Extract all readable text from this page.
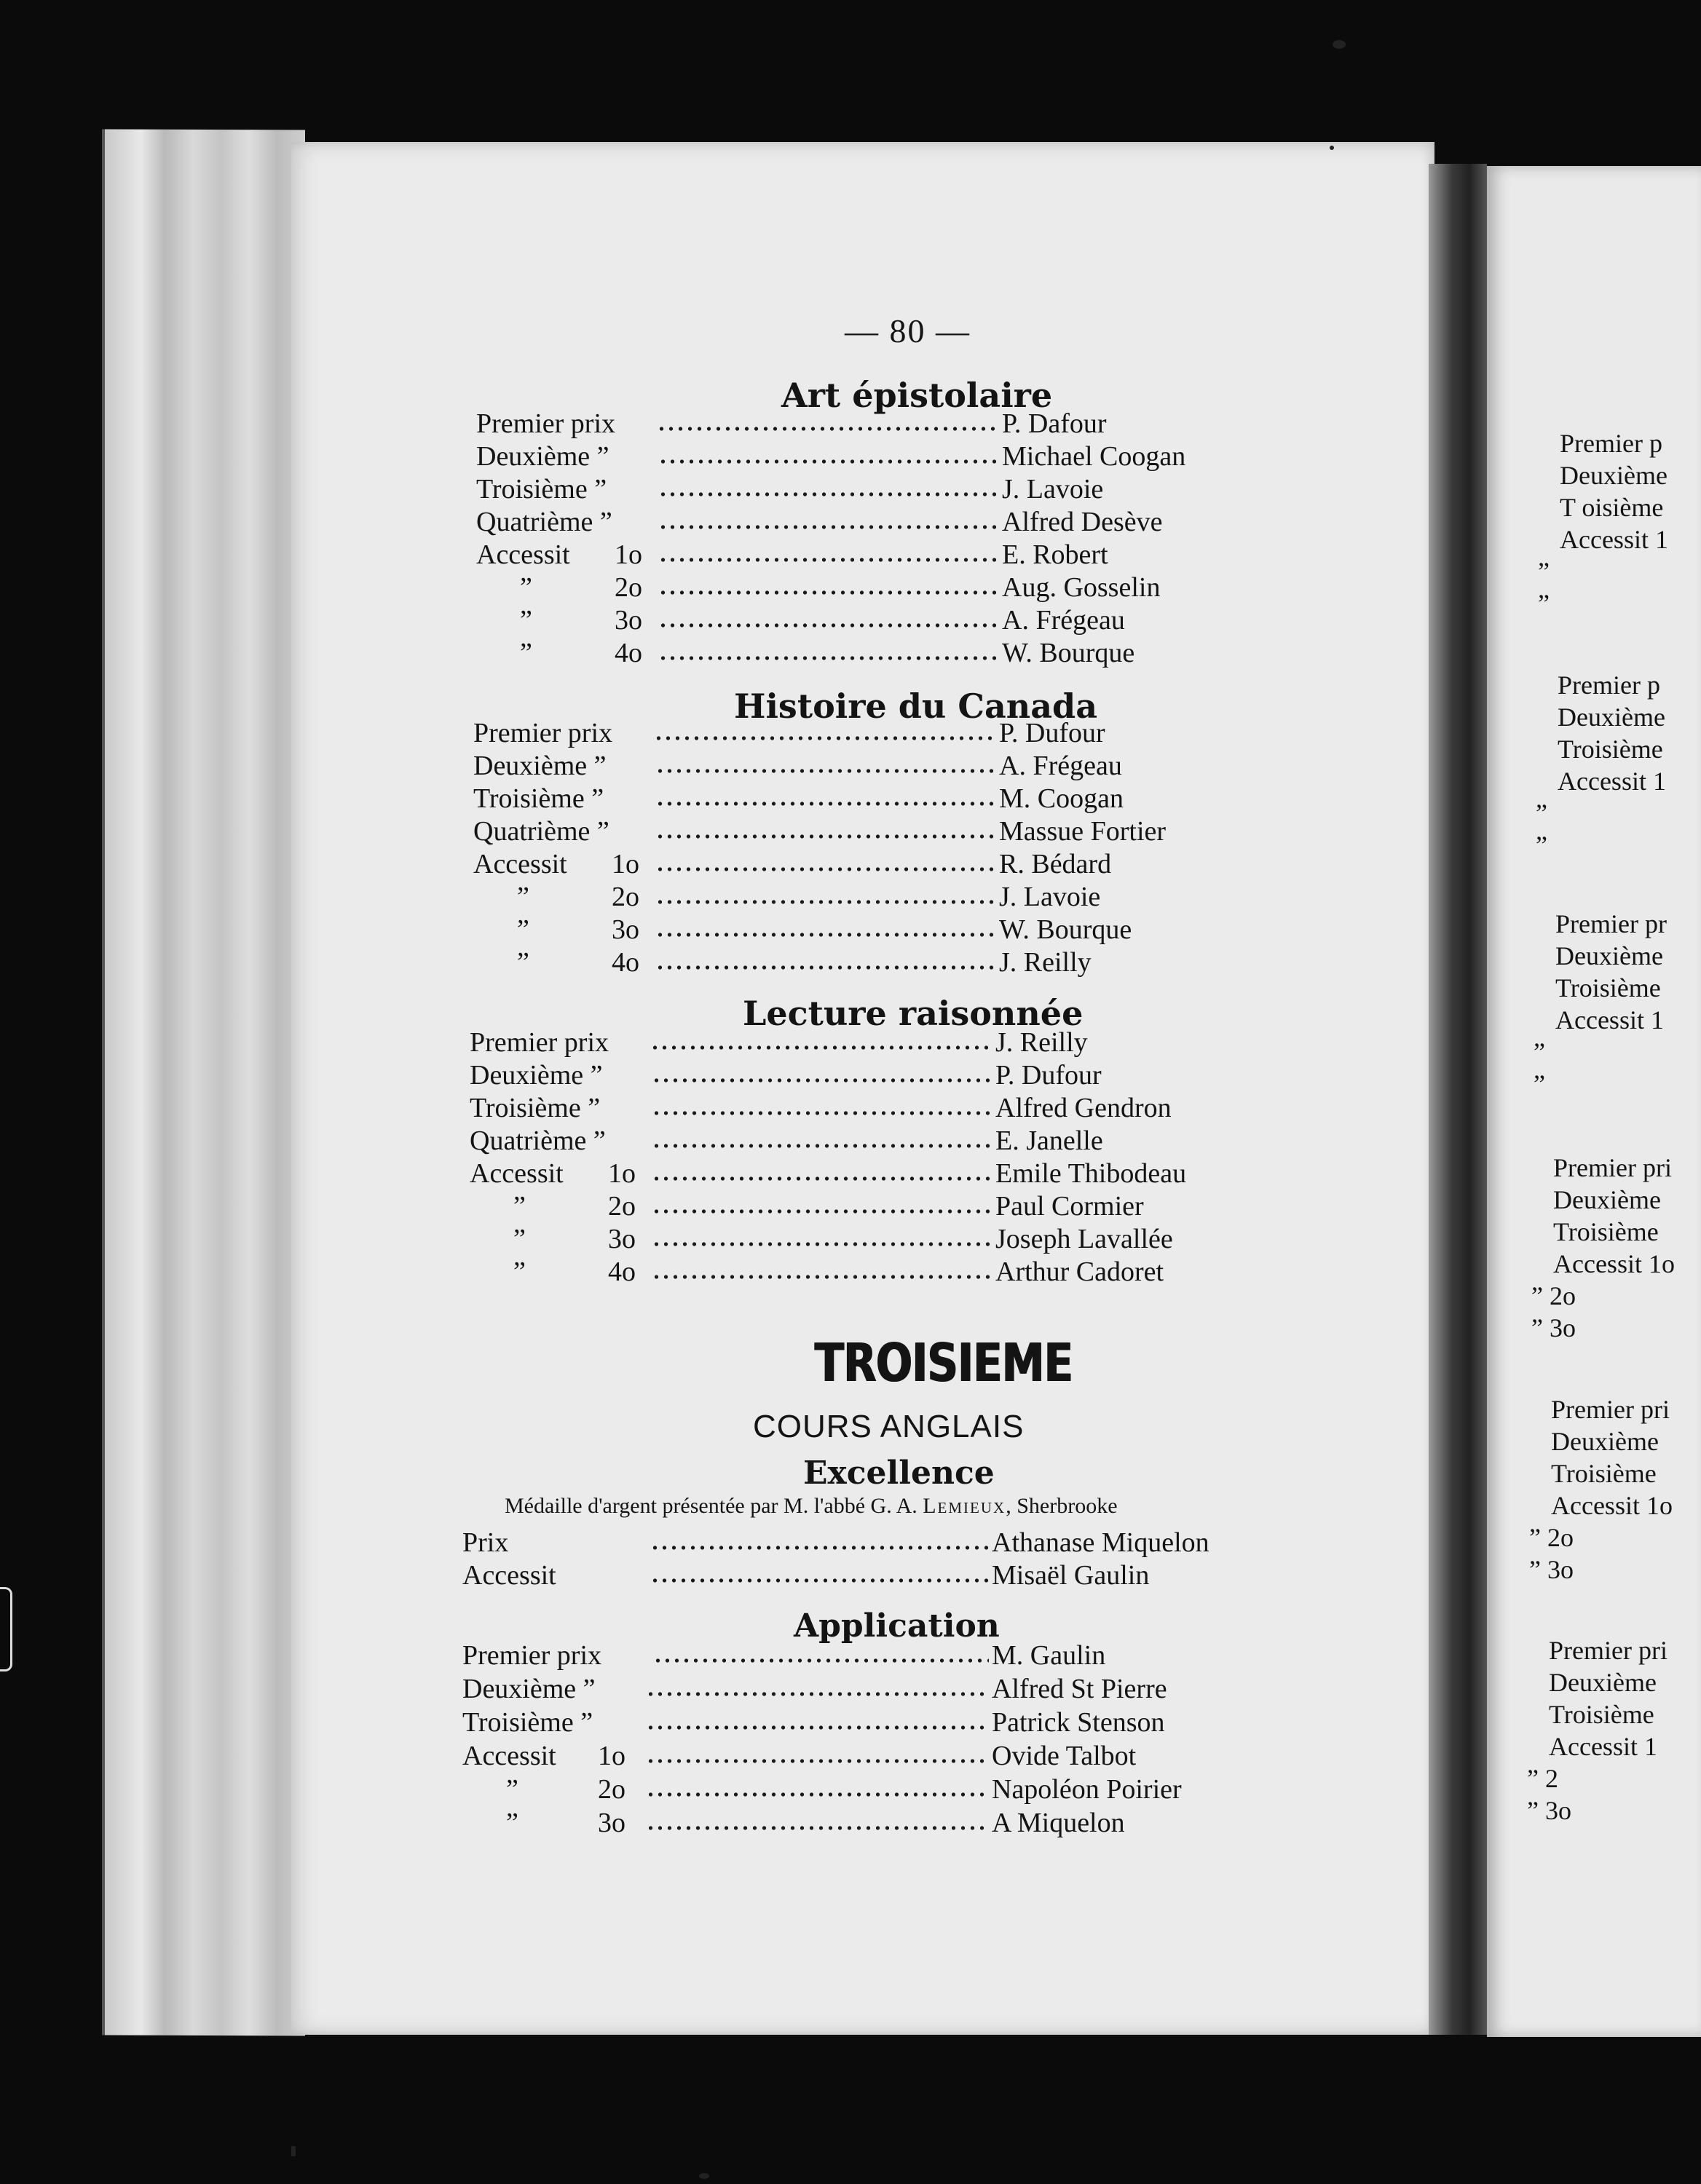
Premier p
Deuxième
T oisième
Accessit 1
”
”
Premier p
Deuxième
Troisième
Accessit 1
”
”
Premier pr
Deuxième
Troisième
Accessit 1
”
”
Premier pri
Deuxième
Troisième
Accessit 1o
” 2o
” 3o
Premier pri
Deuxième
Troisième
Accessit 1o
” 2o
” 3o
Premier pri
Deuxième
Troisième
Accessit 1
” 2
” 3o
— 80 —
Art épistolaire
Histoire du Canada
Lecture raisonnée
Premier prix	P. Dafour
Deuxième ”	Michael Coogan
Troisième ”	J. Lavoie
Quatrième ”	Alfred Desève
Accessit 1o	E. Robert
”	2o	Aug. Gosselin
”	3o	A. Frégeau
”	4o	W. Bourque
Premier prix	P. Dufour
Deuxième ”	A. Frégeau
Troisième ”	M. Coogan
Quatrième ”	Massue Fortier
Accessit 1o	R. Bédard
”	2o	J. Lavoie
”	3o	W. Bourque
”	4o	J. Reilly
Premier prix	J. Reilly
Deuxième ”	P. Dufour
Troisième ”	Alfred Gendron
Quatrième ”	E. Janelle
Accessit 1o	Emile Thibodeau
”	2o	Paul Cormier
”	3o	Joseph Lavallée
”	4o	Arthur Cadoret
TROISIEME
COURS ANGLAIS
Excellence
Médaille d'argent présentée par M. l'abbé G. A. Lemieux, Sherbrooke
Application
Prix	Athanase Miquelon
Accessit	Misaël Gaulin
Premier prix	M. Gaulin
Deuxième ”	Alfred St Pierre
Troisième ”	Patrick Stenson
Accessit 1o	Ovide Talbot
”	2o	Napoléon Poirier
”	3o	A Miquelon
